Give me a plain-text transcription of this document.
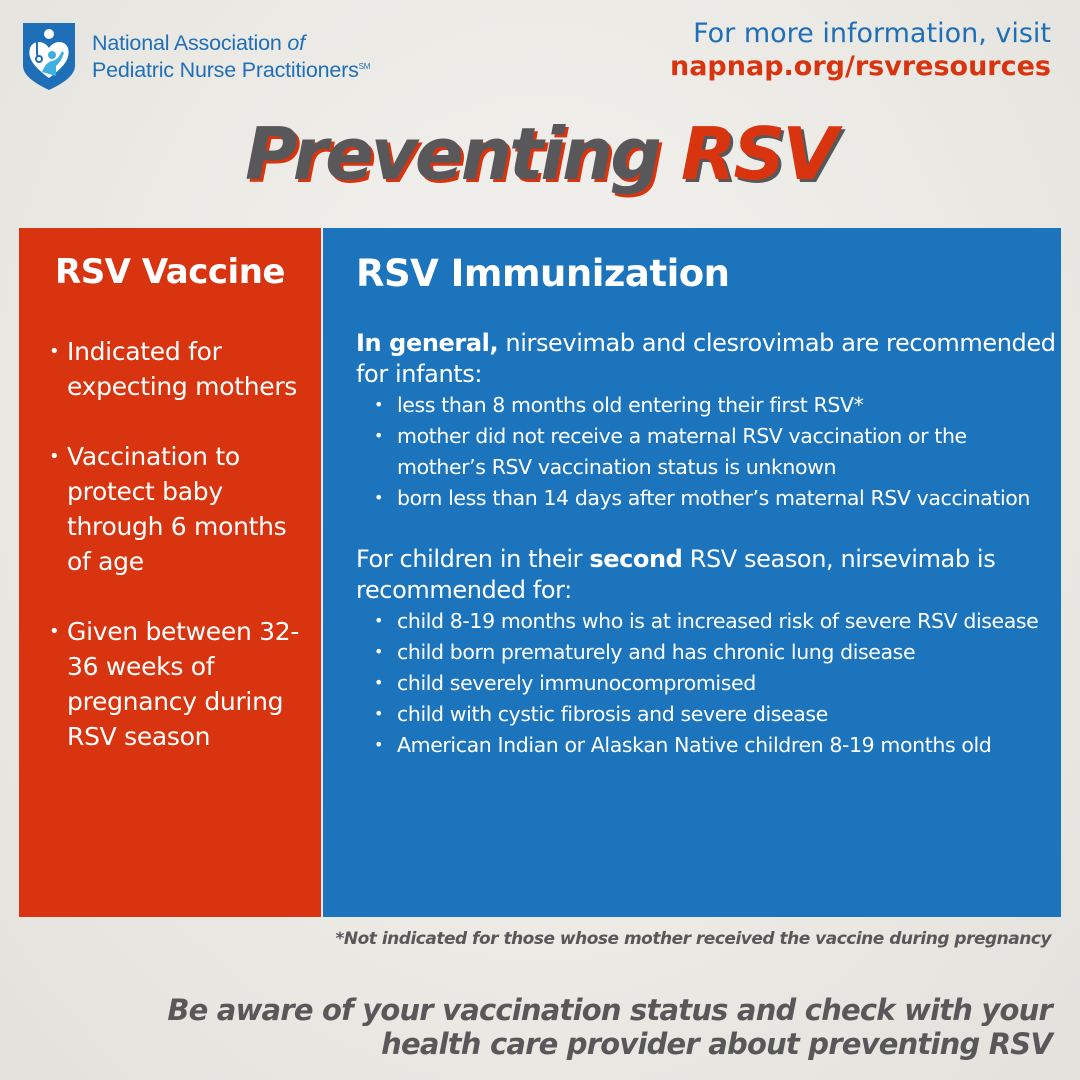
National Association of
Pediatric Nurse Practitioners℠
For more information, visit
napnap.org/rsvresources
Preventing RSV
RSV Vaccine
• Indicated for expecting mothers
• Vaccination to protect baby through 6 months of age
• Given between 32-36 weeks of pregnancy during RSV season
RSV Immunization
In general, nirsevimab and clesrovimab are recommended for infants:
• less than 8 months old entering their first RSV*
• mother did not receive a maternal RSV vaccination or the mother’s RSV vaccination status is unknown
• born less than 14 days after mother’s maternal RSV vaccination
For children in their second RSV season, nirsevimab is recommended for:
• child 8-19 months who is at increased risk of severe RSV disease
• child born prematurely and has chronic lung disease
• child severely immunocompromised
• child with cystic fibrosis and severe disease
• American Indian or Alaskan Native children 8-19 months old
*Not indicated for those whose mother received the vaccine during pregnancy
Be aware of your vaccination status and check with your
health care provider about preventing RSV
